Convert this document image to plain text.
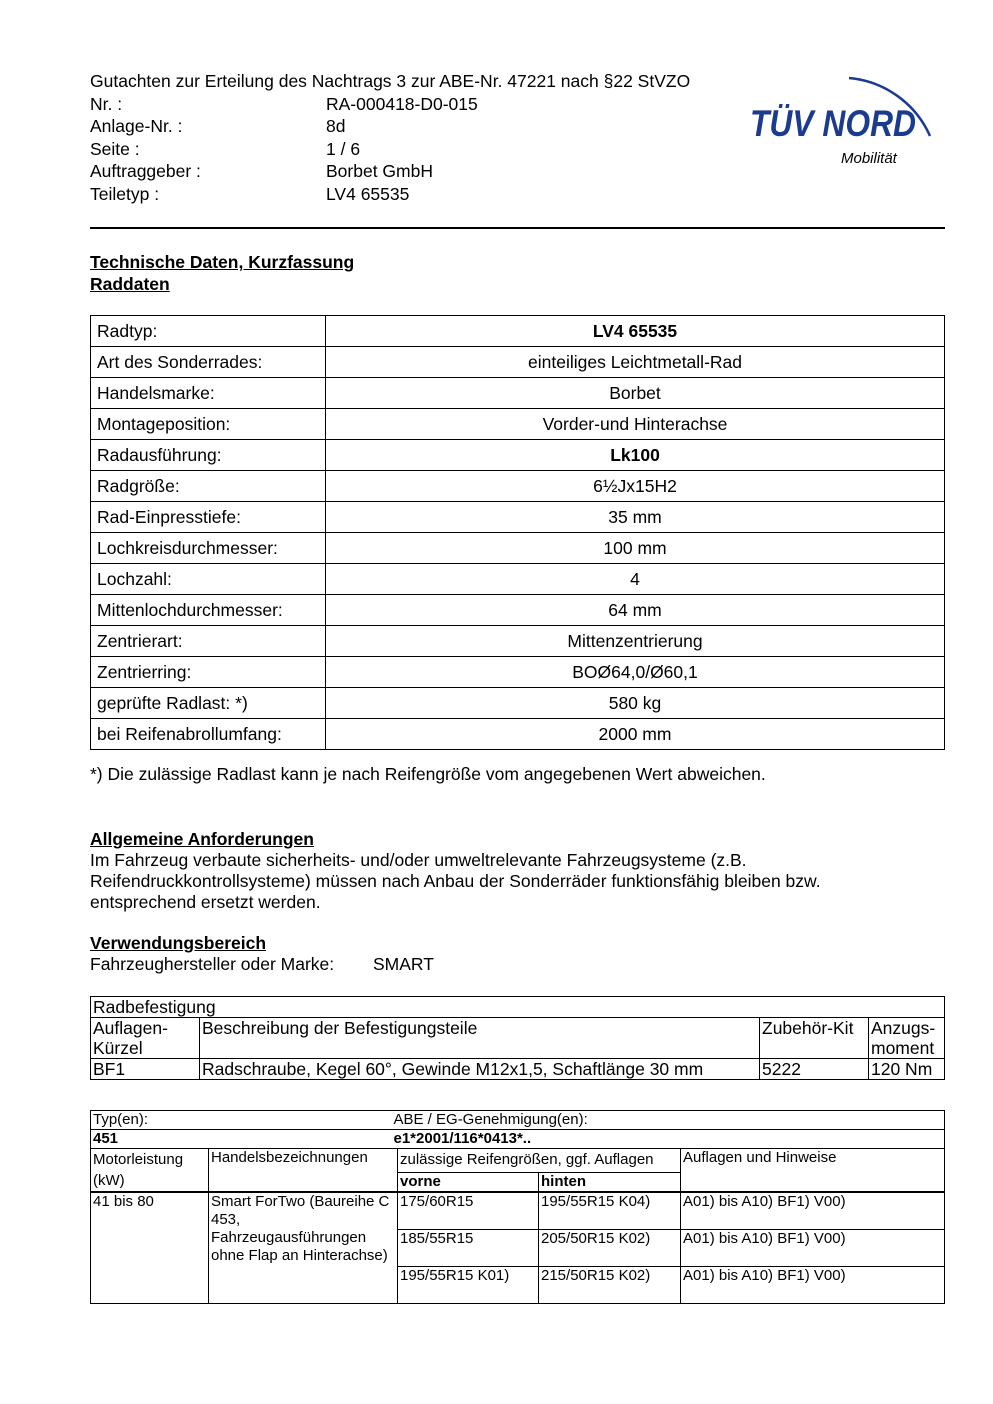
Gutachten zur Erteilung des Nachtrags 3 zur ABE-Nr. 47221 nach §22 StVZO
Nr. :	RA-000418-D0-015
Anlage-Nr. :	8d
Seite :	1 / 6
Auftraggeber :	Borbet GmbH
Teiletyp :	LV4 65535
TÜV NORD
Mobilität
Technische Daten, Kurzfassung
Raddaten
Radtyp:	LV4 65535
Art des Sonderrades:	einteiliges Leichtmetall-Rad
Handelsmarke:	Borbet
Montageposition:	Vorder-und Hinterachse
Radausführung:	Lk100
Radgröße:	6½Jx15H2
Rad-Einpresstiefe:	35 mm
Lochkreisdurchmesser:	100 mm
Lochzahl:	4
Mittenlochdurchmesser:	64 mm
Zentrierart:	Mittenzentrierung
Zentrierring:	BOØ64,0/Ø60,1
geprüfte Radlast: *)	580 kg
bei Reifenabrollumfang:	2000 mm
*) Die zulässige Radlast kann je nach Reifengröße vom angegebenen Wert abweichen.
Allgemeine Anforderungen
Im Fahrzeug verbaute sicherheits- und/oder umweltrelevante Fahrzeugsysteme (z.B. Reifendruckkontrollsysteme) müssen nach Anbau der Sonderräder funktionsfähig bleiben bzw. entsprechend ersetzt werden.
Verwendungsbereich
Fahrzeughersteller oder Marke:	SMART
Radbefestigung			
Auflagen-Kürzel	Beschreibung der Befestigungsteile	Zubehör-Kit	Anzugs-moment
BF1	Radschraube, Kegel 60°, Gewinde M12x1,5, Schaftlänge 30 mm	5222	120 Nm
Typ(en):		ABE / EG-Genehmigung(en):		
451		e1*2001/116*0413*..		
Motorleistung (kW)	Handelsbezeichnungen	zulässige Reifengrößen, ggf. Auflagen		Auflagen und Hinweise
		vorne	hinten	
41 bis 80	Smart ForTwo (Baureihe C 453, Fahrzeugausführungen ohne Flap an Hinterachse)	175/60R15	195/55R15 K04)	A01) bis A10) BF1) V00)
		185/55R15	205/50R15 K02)	A01) bis A10) BF1) V00)
		195/55R15 K01)	215/50R15 K02)	A01) bis A10) BF1) V00)
